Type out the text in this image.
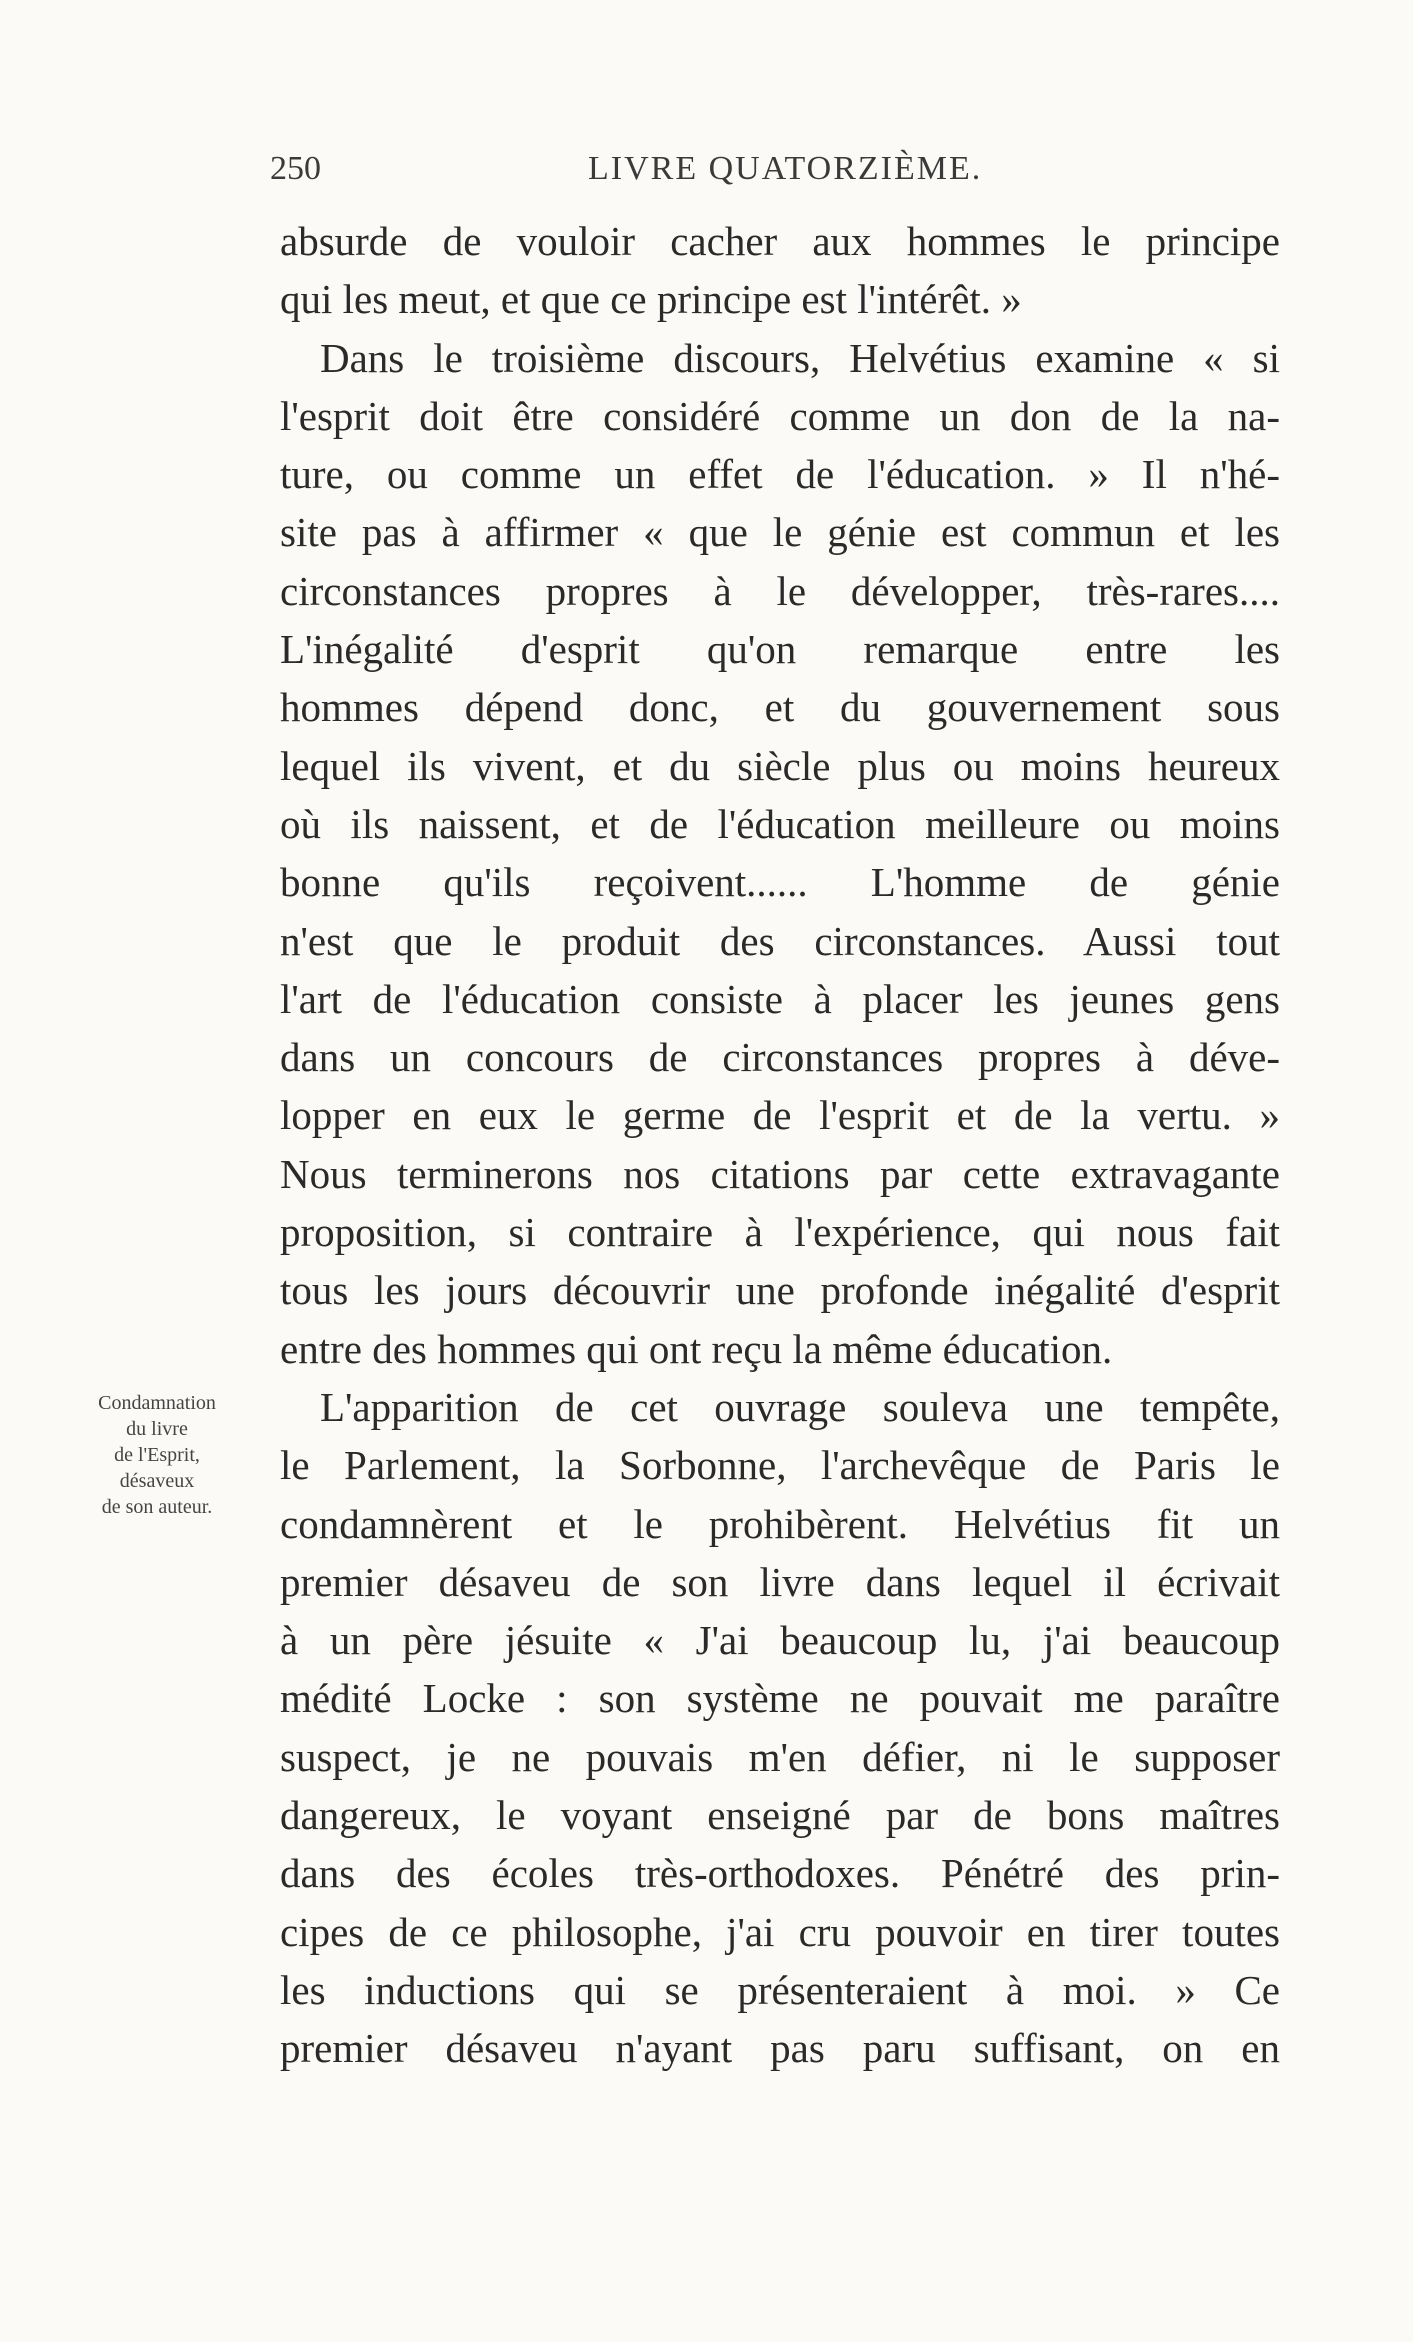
250	LIVRE QUATORZIÈME.
Condamnation
du livre
de l'Esprit,
désaveux
de son auteur.
absurde de vouloir cacher aux hommes le principe
qui les meut, et que ce principe est l'intérêt. »
Dans le troisième discours, Helvétius examine « si
l'esprit doit être considéré comme un don de la na-
ture, ou comme un effet de l'éducation. » Il n'hé-
site pas à affirmer « que le génie est commun et les
circonstances propres à le développer, très-rares....
L'inégalité d'esprit qu'on remarque entre les
hommes dépend donc, et du gouvernement sous
lequel ils vivent, et du siècle plus ou moins heureux
où ils naissent, et de l'éducation meilleure ou moins
bonne qu'ils reçoivent...... L'homme de génie
n'est que le produit des circonstances. Aussi tout
l'art de l'éducation consiste à placer les jeunes gens
dans un concours de circonstances propres à déve-
lopper en eux le germe de l'esprit et de la vertu. »
Nous terminerons nos citations par cette extravagante
proposition, si contraire à l'expérience, qui nous fait
tous les jours découvrir une profonde inégalité d'esprit
entre des hommes qui ont reçu la même éducation.
L'apparition de cet ouvrage souleva une tempête,
le Parlement, la Sorbonne, l'archevêque de Paris le
condamnèrent et le prohibèrent. Helvétius fit un
premier désaveu de son livre dans lequel il écrivait
à un père jésuite « J'ai beaucoup lu, j'ai beaucoup
médité Locke : son système ne pouvait me paraître
suspect, je ne pouvais m'en défier, ni le supposer
dangereux, le voyant enseigné par de bons maîtres
dans des écoles très-orthodoxes. Pénétré des prin-
cipes de ce philosophe, j'ai cru pouvoir en tirer toutes
les inductions qui se présenteraient à moi. » Ce
premier désaveu n'ayant pas paru suffisant, on en
